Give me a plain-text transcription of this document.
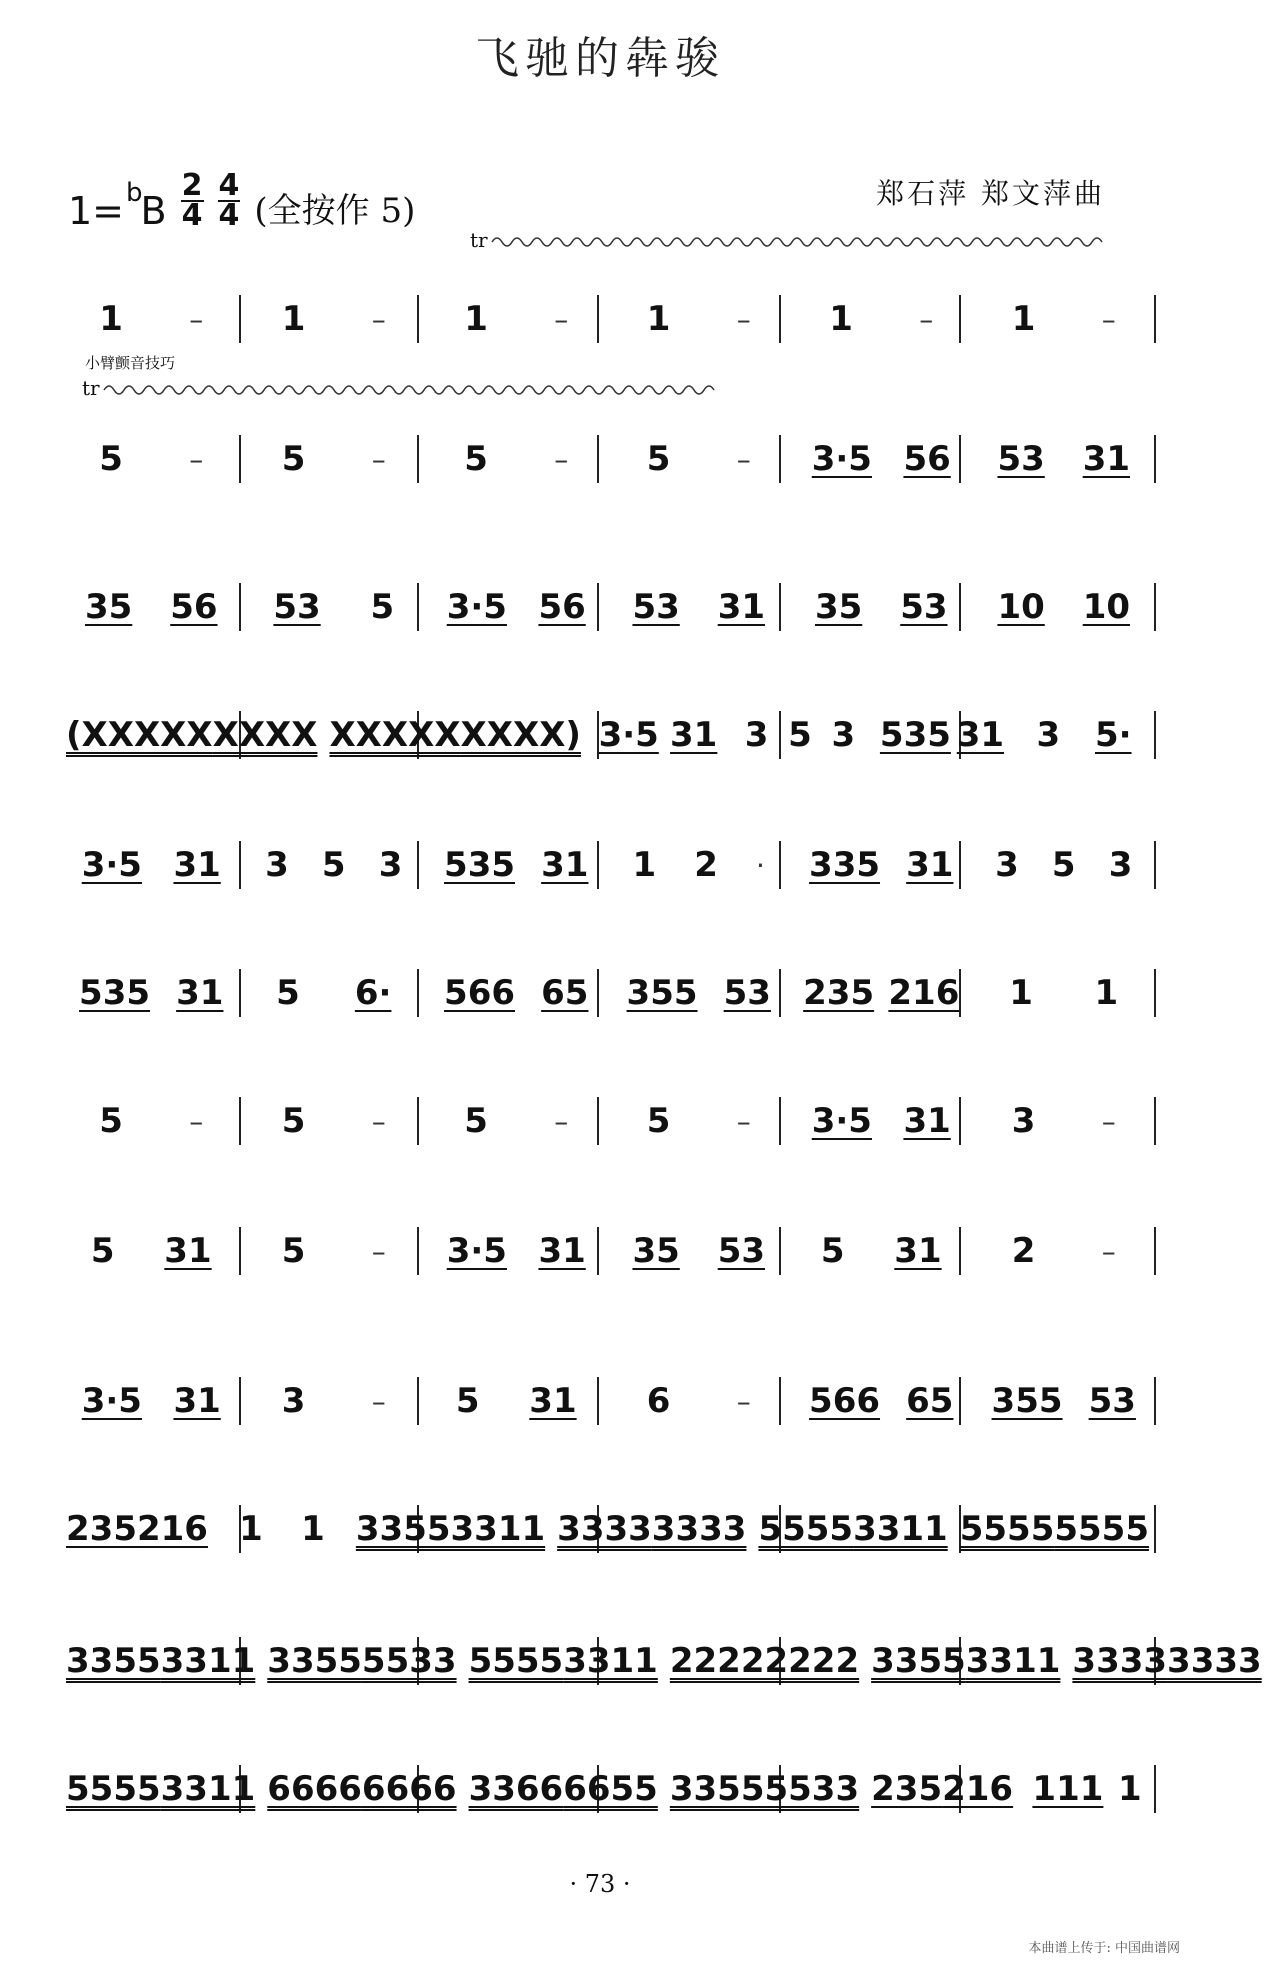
飞驰的犇骏
1= b
B
2
4
4
4 (全按作 5)	郑石萍 郑文萍曲
tr
小臂颤音技巧
tr
1 – 1 – 1 – 1 – 1 – 1 –
5 – 5 – 5 – 5 – 3·5 56 53 31
35 56 53 5 3·5 56 53 31 35 53 10 10
(XXXXX XXXX XXXXX XXXX) 3·5 31 3 5 3 535 31 3 5·
3·5 31 3 5 3 535 31 1 2 · 335 31 3 5 3
535 31 5 6· 566 65 355 53 235 216 1 1
5 – 5 – 5 – 5 – 3·5 31 3 –
5 31 5 – 3·5 31 35 53 5 31 2 –
3·5 31 3 – 5 31 6 – 566 65 355 53
235 216 1 1 3355 3311 3333 3333 5555 3311 5555 5555
3355 3311 3355 5533 5555 3311 2222 2222 3355 3311 3333 3333
5555 3311 6666 6666 3366 6655 3355 5533 235 216 111 1
· 73 ·
本曲谱上传于: 中国曲谱网
